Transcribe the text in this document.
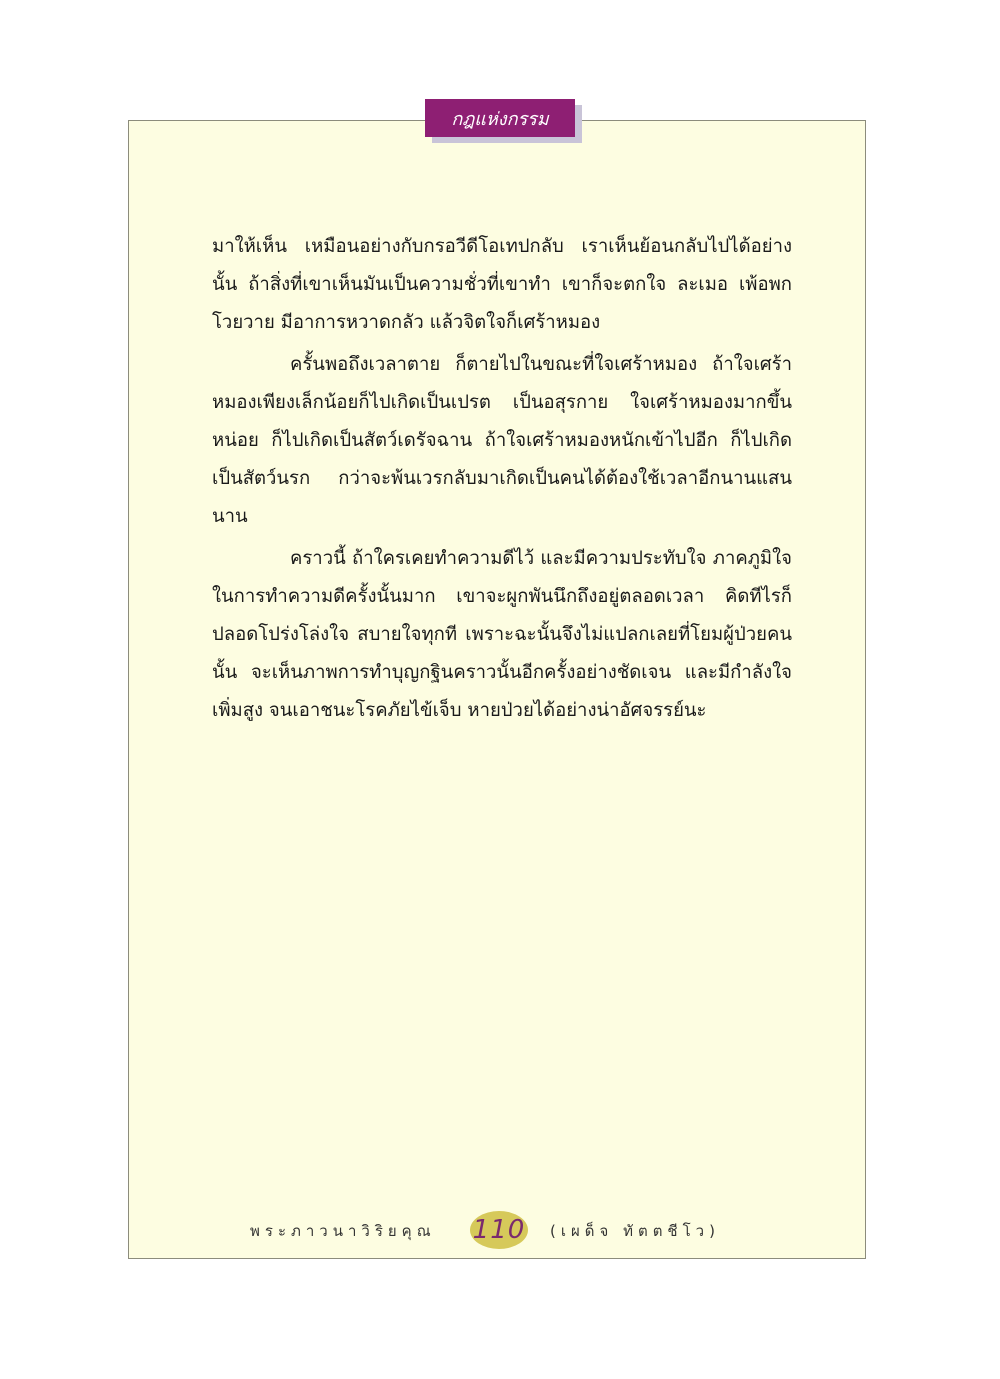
กฎแห่งกรรม

มาให้เห็น เหมือนอย่างกับกรอวีดีโอเทปกลับ เราเห็นย้อนกลับไปได้อย่าง นั้น ถ้าสิ่งที่เขาเห็นมันเป็นความชั่วที่เขาทำ เขาก็จะตกใจ ละเมอ เพ้อพก โวยวาย มีอาการหวาดกลัว แล้วจิตใจก็เศร้าหมอง

ครั้นพอถึงเวลาตาย ก็ตายไปในขณะที่ใจเศร้าหมอง ถ้าใจเศร้าหมองเพียงเล็กน้อยก็ไปเกิดเป็นเปรต เป็นอสุรกาย ใจเศร้าหมองมากขึ้นหน่อย ก็ไปเกิดเป็นสัตว์เดรัจฉาน ถ้าใจเศร้าหมองหนักเข้าไปอีก ก็ไปเกิดเป็นสัตว์นรก กว่าจะพ้นเวรกลับมาเกิดเป็นคนได้ต้องใช้เวลาอีกนานแสนนาน

คราวนี้ ถ้าใครเคยทำความดีไว้ และมีความประทับใจ ภาคภูมิใจในการทำความดีครั้งนั้นมาก เขาจะผูกพันนึกถึงอยู่ตลอดเวลา คิดทีไรก็ปลอดโปร่งโล่งใจ สบายใจทุกที เพราะฉะนั้นจึงไม่แปลกเลยที่โยมผู้ป่วยคนนั้น จะเห็นภาพการทำบุญกฐินคราวนั้นอีกครั้งอย่างชัดเจน และมีกำลังใจเพิ่มสูง จนเอาชนะโรคภัยไข้เจ็บ หายป่วยได้อย่างน่าอัศจรรย์นะ

พระภาวนาวิริยคุณ 110 (เผด็จ ทัตตชีโว)
